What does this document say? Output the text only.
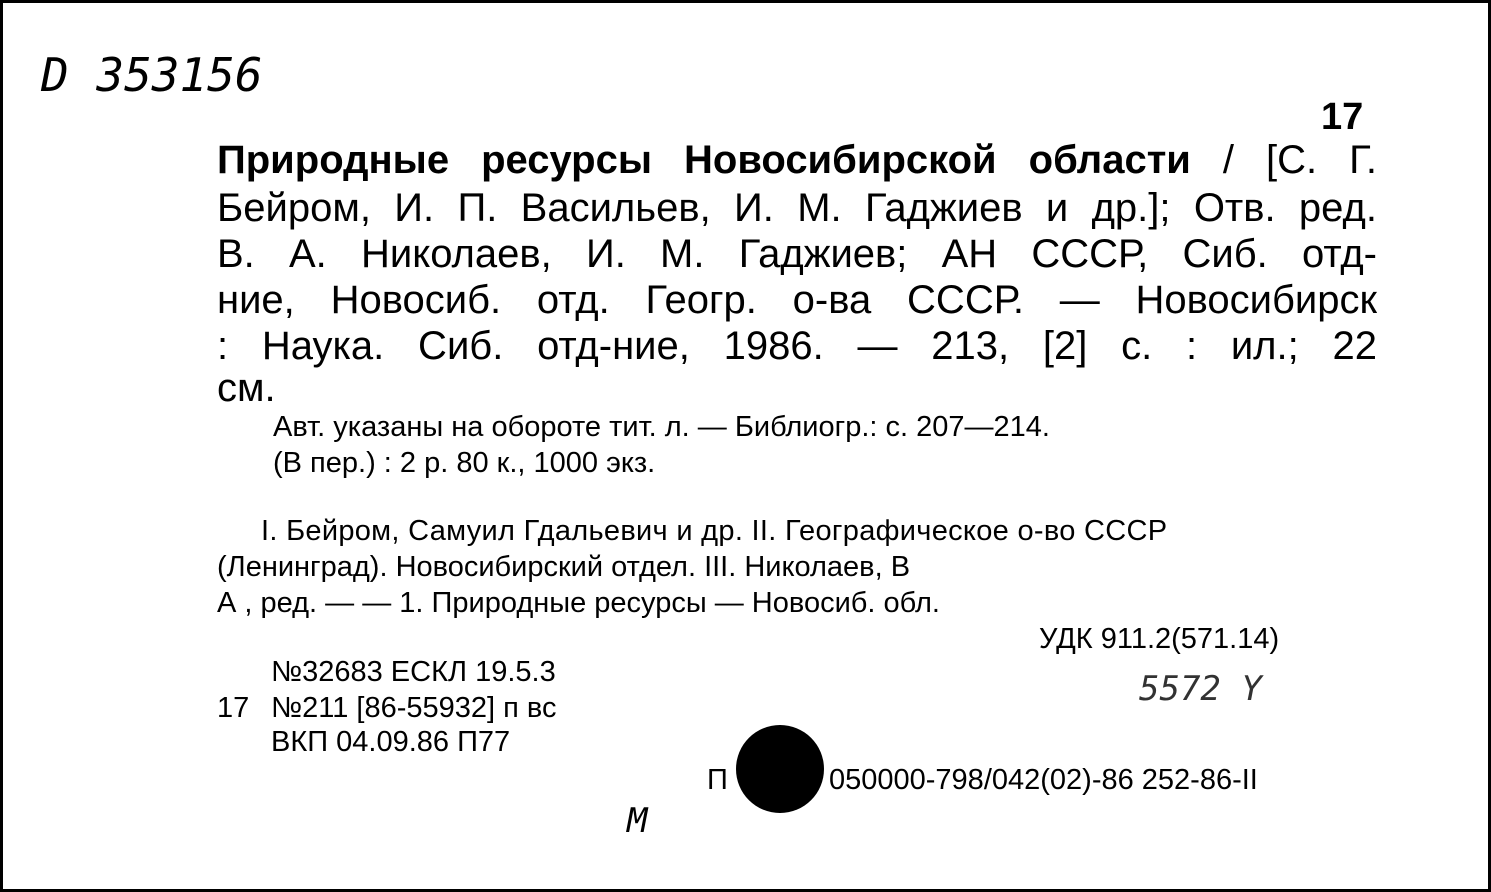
D 353156
17
Природные ресурсы Новосибирской области / [С. Г.
Бейром, И. П. Васильев, И. М. Гаджиев и др.]; Отв. ред.
В. А. Николаев, И. М. Гаджиев; АН СССР, Сиб. отд-
ние, Новосиб. отд. Геогр. о-ва СССР. — Новосибирск
: Наука. Сиб. отд-ние, 1986. — 213, [2] с. : ил.; 22
см.
Авт. указаны на обороте тит. л. — Библиогр.: с. 207—214.
(В пер.) : 2 р. 80 к., 1000 экз.
I. Бейром, Самуил Гдальевич и др. II. Географическое о-во СССР
(Ленинград). Новосибирский отдел. III. Николаев, В
А , ред. — — 1. Природные ресурсы — Новосиб. обл.
УДК 911.2(571.14)
№32683 ЕСКЛ 19.5.3
17 №211 [86-55932] п вс
ВКП 04.09.86 П77
5572 Y
M
П	050000-798/042(02)-86 252-86-II
